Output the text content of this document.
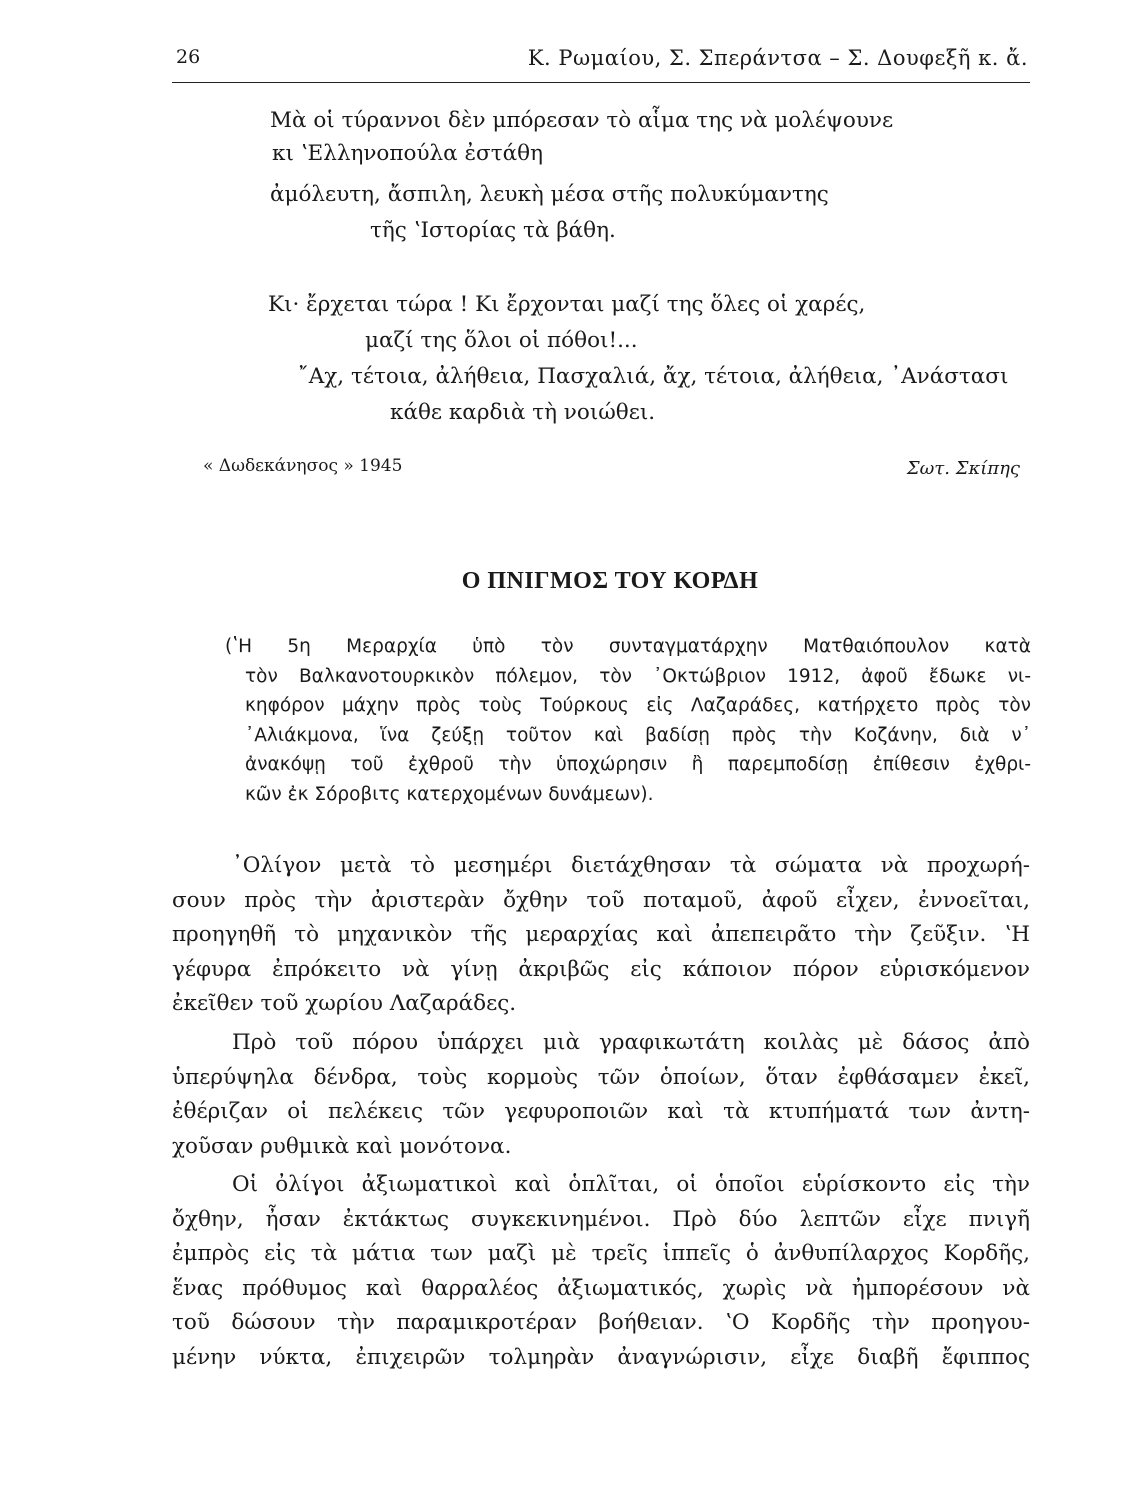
26	Κ. Ρωμαίου, Σ. Σπεράντσα – Σ. Δουφεξῆ κ. ἄ.
Μὰ οἱ τύραννοι δὲν μπόρεσαν τὸ αἷμα της νὰ μολέψουνε
κι ʽΕλληνοπούλα ἐστάθη
ἀμόλευτη, ἄσπιλη, λευκὴ μέσα στῆς πολυκύμαντης
τῆς ʽΙστορίας τὰ βάθη.
Κι· ἔρχεται τώρα ! Κι ἔρχονται μαζί της ὅλες οἱ χαρές,
μαζί της ὅλοι οἱ πόθοι!...
῎Αχ, τέτοια, ἀλήθεια, Πασχαλιά, ἄχ, τέτοια, ἀλήθεια, ᾿Ανάστασι
κάθε καρδιὰ τὴ νοιώθει.
« Δωδεκάνησος » 1945	Σωτ. Σκίπης
Ο ΠΝΙΓΜΟΣ ΤΟΥ ΚΟΡΔΗ
(ʽΗ 5η Μεραρχία ὑπὸ τὸν συνταγματάρχην Ματθαιόπουλον κατὰ
τὸν Βαλκανοτουρκικὸν πόλεμον, τὸν ᾿Οκτώβριον 1912, ἀφοῦ ἔδωκε νι-
κηφόρον μάχην πρὸς τοὺς Τούρκους εἰς Λαζαράδες, κατήρχετο πρὸς τὸν
᾿Αλιάκμονα, ἵνα ζεύξῃ τοῦτον καὶ βαδίσῃ πρὸς τὴν Κοζάνην, διὰ ν᾿
ἀνακόψῃ τοῦ ἐχθροῦ τὴν ὑποχώρησιν ἢ παρεμποδίσῃ ἐπίθεσιν ἐχθρι-
κῶν ἐκ Σόροβιτς κατερχομένων δυνάμεων).
᾿Ολίγον μετὰ τὸ μεσημέρι διετάχθησαν τὰ σώματα νὰ προχωρή-
σουν πρὸς τὴν ἀριστερὰν ὄχθην τοῦ ποταμοῦ, ἀφοῦ εἶχεν, ἐννοεῖται,
προηγηθῆ τὸ μηχανικὸν τῆς μεραρχίας καὶ ἀπεπειρᾶτο τὴν ζεῦξιν. ʽΗ
γέφυρα ἐπρόκειτο νὰ γίνῃ ἀκριβῶς εἰς κάποιον πόρον εὑρισκόμενον
ἐκεῖθεν τοῦ χωρίου Λαζαράδες.
Πρὸ τοῦ πόρου ὑπάρχει μιὰ γραφικωτάτη κοιλὰς μὲ δάσος ἀπὸ
ὑπερύψηλα δένδρα, τοὺς κορμοὺς τῶν ὁποίων, ὅταν ἐφθάσαμεν ἐκεῖ,
ἐθέριζαν οἱ πελέκεις τῶν γεφυροποιῶν καὶ τὰ κτυπήματά των ἀντη-
χοῦσαν ρυθμικὰ καὶ μονότονα.
Οἱ ὀλίγοι ἀξιωματικοὶ καὶ ὁπλῖται, οἱ ὁποῖοι εὑρίσκοντο εἰς τὴν
ὄχθην, ἦσαν ἐκτάκτως συγκεκινημένοι. Πρὸ δύο λεπτῶν εἶχε πνιγῆ
ἐμπρὸς εἰς τὰ μάτια των μαζὶ μὲ τρεῖς ἱππεῖς ὁ ἀνθυπίλαρχος Κορδῆς,
ἕνας πρόθυμος καὶ θαρραλέος ἀξιωματικός, χωρὶς νὰ ἠμπορέσουν νὰ
τοῦ δώσουν τὴν παραμικροτέραν βοήθειαν. ʽΟ Κορδῆς τὴν προηγου-
μένην νύκτα, ἐπιχειρῶν τολμηρὰν ἀναγνώρισιν, εἶχε διαβῆ ἔφιππος
